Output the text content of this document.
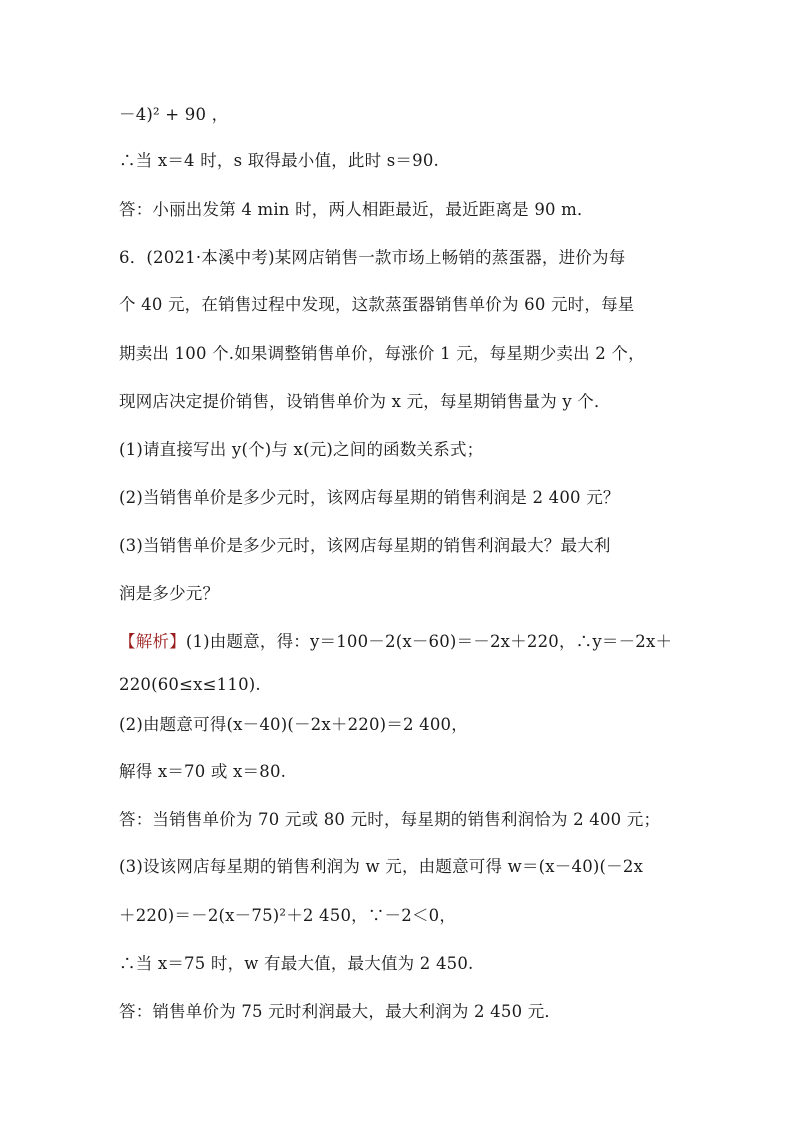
－4)² + 90 ，
∴当 x＝4 时，s 取得最小值，此时 s＝90.
答：小丽出发第 4 min 时，两人相距最近，最近距离是 90 m．
6．(2021·本溪中考)某网店销售一款市场上畅销的蒸蛋器，进价为每
个 40 元，在销售过程中发现，这款蒸蛋器销售单价为 60 元时，每星
期卖出 100 个.如果调整销售单价，每涨价 1 元，每星期少卖出 2 个，
现网店决定提价销售，设销售单价为 x 元，每星期销售量为 y 个．
(1)请直接写出 y(个)与 x(元)之间的函数关系式；
(2)当销售单价是多少元时，该网店每星期的销售利润是 2 400 元？
(3)当销售单价是多少元时，该网店每星期的销售利润最大？最大利
润是多少元？
【解析】(1)由题意，得：y＝100－2(x－60)＝－2x＋220，∴y＝－2x＋
220(60≤x≤110).
(2)由题意可得(x－40)(－2x＋220)＝2 400，
解得 x＝70 或 x＝80.
答：当销售单价为 70 元或 80 元时，每星期的销售利润恰为 2 400 元；
(3)设该网店每星期的销售利润为 w 元，由题意可得 w＝(x－40)(－2x
＋220)＝－2(x－75)²＋2 450，∵－2＜0，
∴当 x＝75 时，w 有最大值，最大值为 2 450.
答：销售单价为 75 元时利润最大，最大利润为 2 450 元．
